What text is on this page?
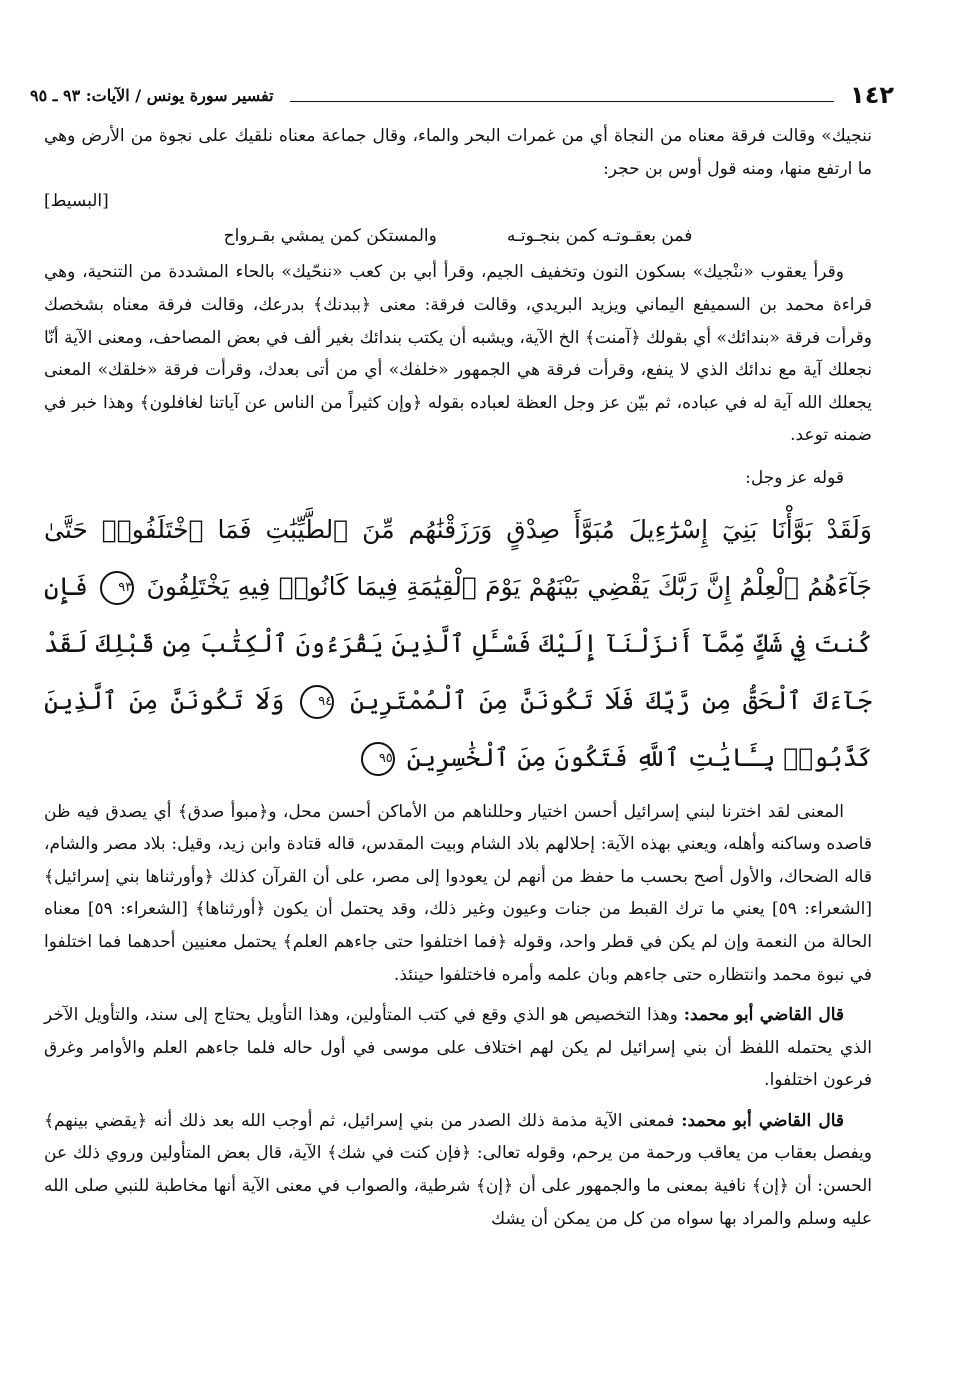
١٤٢
تفسير سورة يونس / الآيات: ٩٣ ـ ٩٥

ننجيك» وقالت فرقة معناه من النجاة أي من غمرات البحر والماء، وقال جماعة معناه نلقيك على نجوة من الأرض وهي ما ارتفع منها، ومنه قول أوس بن حجر:
[البسيط]

فمن بعقـوتـه كمن بنجـوتـه
والمستكن كمن يمشي بقـرواح

وقرأ يعقوب «ننْجيك» بسكون النون وتخفيف الجيم، وقرأ أبي بن كعب «ننحّيك» بالحاء المشددة من التنحية، وهي قراءة محمد بن السميفع اليماني ويزيد البريدي، وقالت فرقة: معنى ﴿ببدنك﴾ بدرعك، وقالت فرقة معناه بشخصك وقرأت فرقة «بندائك» أي بقولك ﴿آمنت﴾ الخ الآية، ويشبه أن يكتب بندائك بغير ألف في بعض المصاحف، ومعنى الآية أنّا نجعلك آية مع ندائك الذي لا ينفع، وقرأت فرقة هي الجمهور «خلفك» أي من أتى بعدك، وقرأت فرقة «خلقك» المعنى يجعلك الله آية له في عباده، ثم بيّن عز وجل العظة لعباده بقوله ﴿وإن كثيراً من الناس عن آياتنا لغافلون﴾ وهذا خبر في ضمنه توعد.

قوله عز وجل:

وَلَقَدْ بَوَّأْنَا بَنِيٓ إِسْرَٰٓءِيلَ مُبَوَّأَ صِدْقٍ وَرَزَقْنَٰهُم مِّنَ ٱلطَّيِّبَٰتِ فَمَا ٱخْتَلَفُوا۟ حَتَّىٰ جَآءَهُمُ ٱلْعِلْمُ إِنَّ رَبَّكَ يَقْضِي بَيْنَهُمْ يَوْمَ ٱلْقِيَٰمَةِ فِيمَا كَانُوا۟ فِيهِ يَخْتَلِفُونَ ٩٣ فَإِن كُنتَ فِي شَكٍّ مِّمَّآ أَنزَلْنَآ إِلَيْكَ فَسْـَٔلِ ٱلَّذِينَ يَقْرَءُونَ ٱلْكِتَٰبَ مِن قَبْلِكَ لَقَدْ جَآءَكَ ٱلْحَقُّ مِن رَّبِّكَ فَلَا تَكُونَنَّ مِنَ ٱلْمُمْتَرِينَ ٩٤ وَلَا تَكُونَنَّ مِنَ ٱلَّذِينَ كَذَّبُوا۟ بِـَٔايَٰتِ ٱللَّهِ فَتَكُونَ مِنَ ٱلْخَٰسِرِينَ ٩٥

المعنى لقد اخترنا لبني إسرائيل أحسن اختيار وحللناهم من الأماكن أحسن محل، و﴿مبوأ صدق﴾ أي يصدق فيه ظن قاصده وساكنه وأهله، ويعني بهذه الآية: إحلالهم بلاد الشام وبيت المقدس، قاله قتادة وابن زيد، وقيل: بلاد مصر والشام، قاله الضحاك، والأول أصح بحسب ما حفظ من أنهم لن يعودوا إلى مصر، على أن القرآن كذلك ﴿وأورثناها بني إسرائيل﴾ [الشعراء: ٥٩] يعني ما ترك القبط من جنات وعيون وغير ذلك، وقد يحتمل أن يكون ﴿أورثناها﴾ [الشعراء: ٥٩] معناه الحالة من النعمة وإن لم يكن في قطر واحد، وقوله ﴿فما اختلفوا حتى جاءهم العلم﴾ يحتمل معنيين أحدهما فما اختلفوا في نبوة محمد وانتظاره حتى جاءهم وبان علمه وأمره فاختلفوا حينئذ.

قال القاضي أبو محمد: وهذا التخصيص هو الذي وقع في كتب المتأولين، وهذا التأويل يحتاج إلى سند، والتأويل الآخر الذي يحتمله اللفظ أن بني إسرائيل لم يكن لهم اختلاف على موسى في أول حاله فلما جاءهم العلم والأوامر وغرق فرعون اختلفوا.

قال القاضي أبو محمد: فمعنى الآية مذمة ذلك الصدر من بني إسرائيل، ثم أوجب الله بعد ذلك أنه ﴿يقضي بينهم﴾ ويفصل بعقاب من يعاقب ورحمة من يرحم، وقوله تعالى: ﴿فإن كنت في شك﴾ الآية، قال بعض المتأولين وروي ذلك عن الحسن: أن ﴿إن﴾ نافية بمعنى ما والجمهور على أن ﴿إن﴾ شرطية، والصواب في معنى الآية أنها مخاطبة للنبي صلى الله عليه وسلم والمراد بها سواه من كل من يمكن أن يشك
